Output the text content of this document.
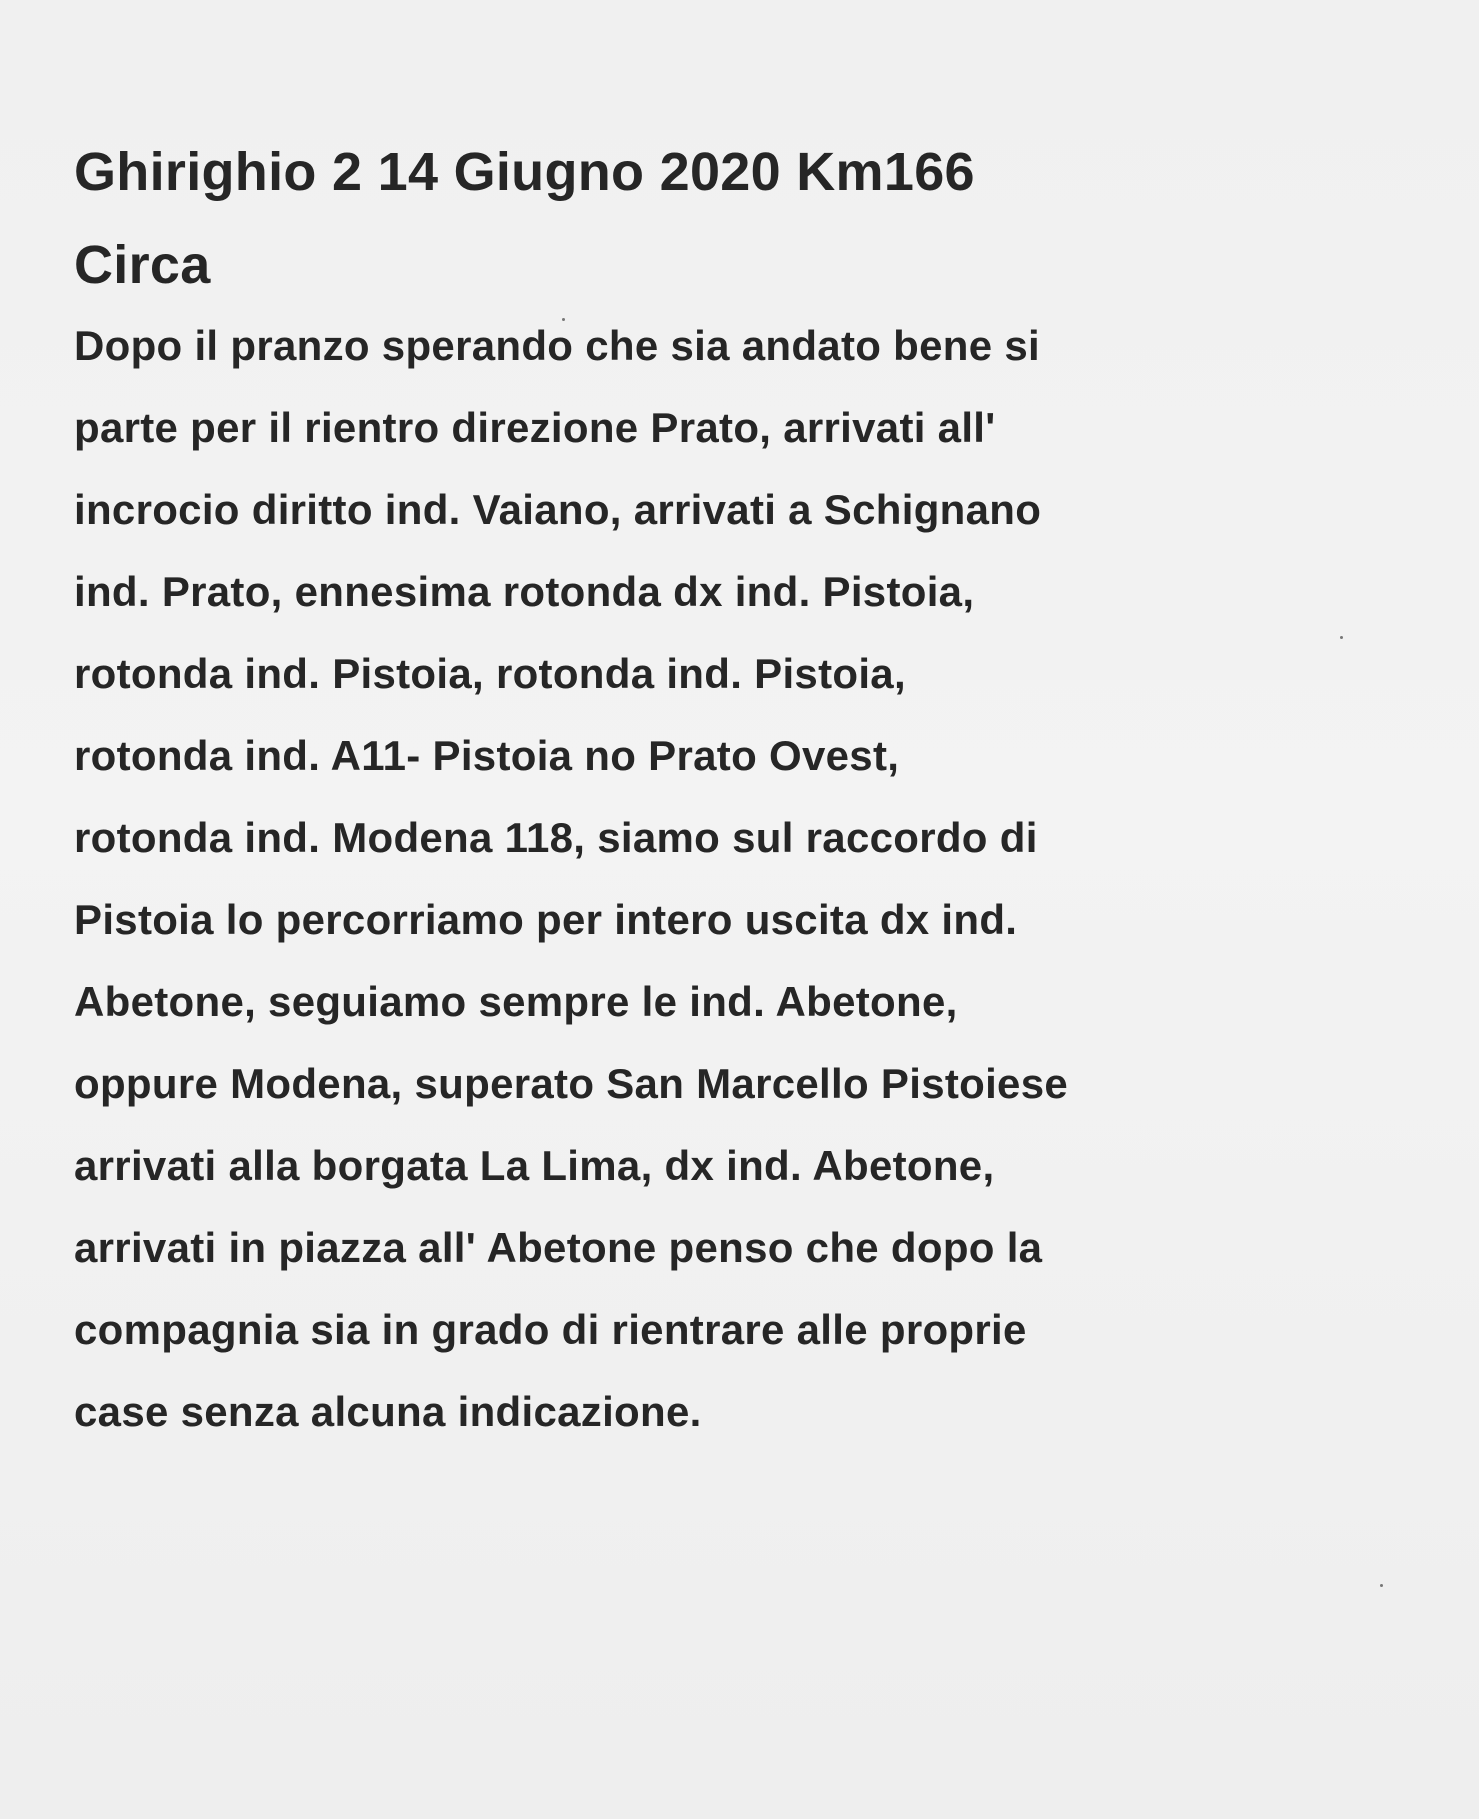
Ghirighio 2 14 Giugno 2020 Km166
Circa

Dopo il pranzo sperando che sia andato bene si
parte per il rientro direzione Prato, arrivati all'
incrocio diritto ind. Vaiano, arrivati a Schignano
ind. Prato, ennesima rotonda dx ind. Pistoia,
rotonda ind. Pistoia, rotonda ind. Pistoia,
rotonda ind. A11- Pistoia no Prato Ovest,
rotonda ind. Modena 118, siamo sul raccordo di
Pistoia lo percorriamo per intero uscita dx ind.
Abetone, seguiamo sempre le ind. Abetone,
oppure Modena, superato San Marcello Pistoiese
arrivati alla borgata La Lima, dx ind. Abetone,
arrivati in piazza all' Abetone penso che dopo la
compagnia sia in grado di rientrare alle proprie
case senza alcuna indicazione.
